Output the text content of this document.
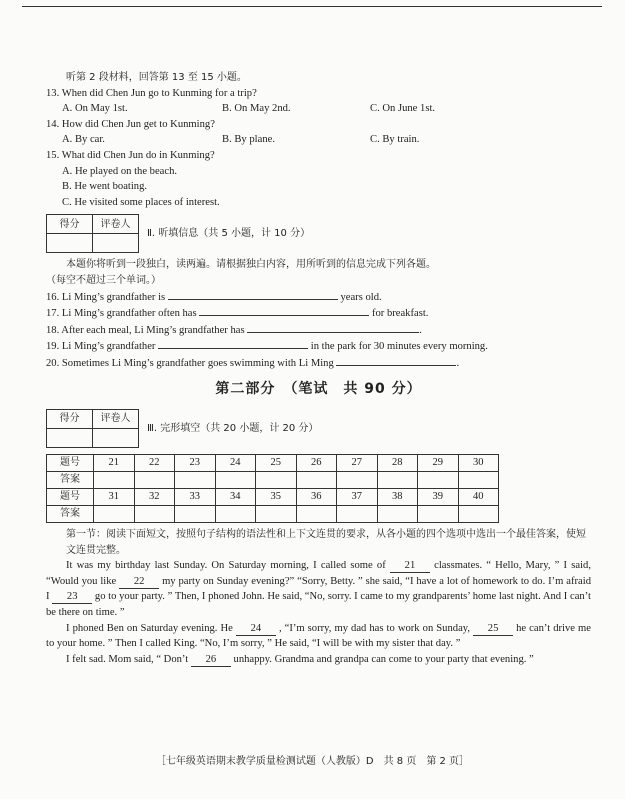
听第 2 段材料，回答第 13 至 15 小题。
13. When did Chen Jun go to Kunming for a trip?
A. On May 1st.	B. On May 2nd.	C. On June 1st.
14. How did Chen Jun get to Kunming?
A. By car.	B. By plane.	C. By train.
15. What did Chen Jun do in Kunming?
A. He played on the beach.
B. He went boating.
C. He visited some places of interest.
得分	评卷人

Ⅱ. 听填信息（共 5 小题，计 10 分）
本题你将听到一段独白，读两遍。请根据独白内容，用所听到的信息完成下列各题。
（每空不超过三个单词。）
16. Li Ming’s grandfather is	years old.
17. Li Ming’s grandfather often has	for breakfast.
18. After each meal, Li Ming’s grandfather has	.
19. Li Ming’s grandfather	in the park for 30 minutes every morning.
20. Sometimes Li Ming’s grandfather goes swimming with Li Ming	.
第二部分　（笔试　共 90 分）
得分	评卷人

Ⅲ. 完形填空（共 20 小题，计 20 分）
题号	21	22	23	24	25	26	27	28	29	30
答案										
题号	31	32	33	34	35	36	37	38	39	40
答案										
第一节：阅读下面短文，按照句子结构的语法性和上下文连贯的要求，从各小题的四个选项中选出一个最佳答案，使短文连贯完整。
It was my birthday last Sunday. On Saturday morning, I called some of 21 classmates. “ Hello, Mary, ” I said, “Would you like 22 my party on Sunday evening?” “Sorry, Betty. ” she said, “I have a lot of homework to do. I’m afraid I 23 go to your party. ” Then, I phoned John. He said, “No, sorry. I came to my grandparents’ home last night. And I can’t be there on time. ”
I phoned Ben on Saturday evening. He 24 , “I’m sorry, my dad has to work on Sunday, 25 he can’t drive me to your home. ” Then I called King. “No, I’m sorry, ” He said, “I will be with my sister that day. ”
I felt sad. Mom said, “ Don’t 26 unhappy. Grandma and grandpa can come to your party that evening. ”
［七年级英语期末教学质量检测试题（人教版）D　共 8 页　第 2 页］
